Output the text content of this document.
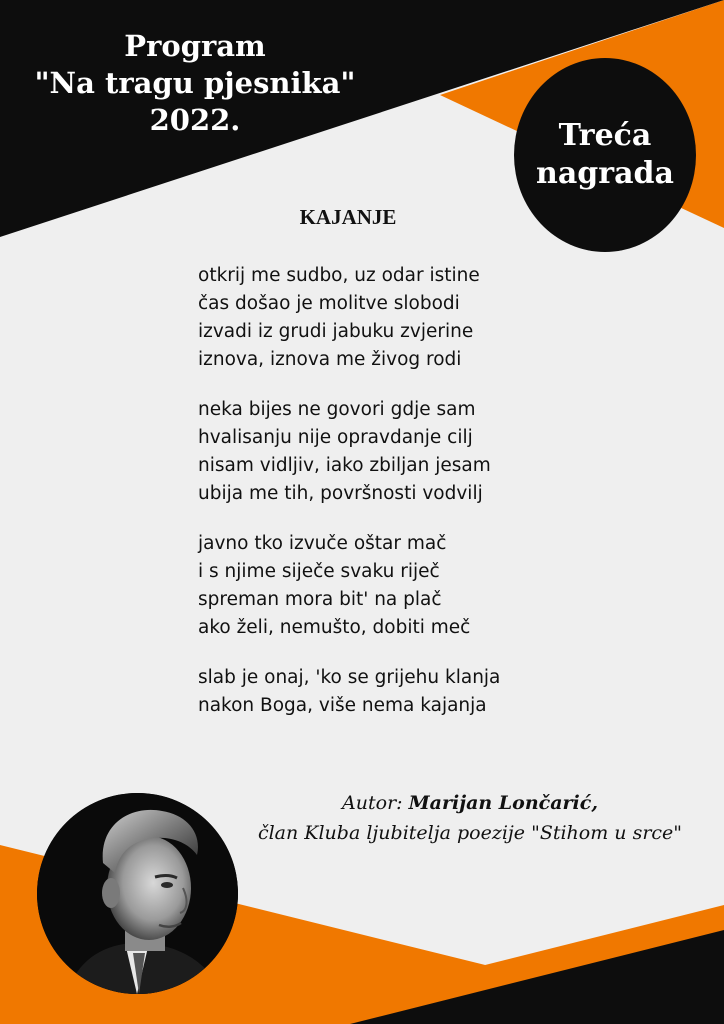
Program
"Na tragu pjesnika"
2022.	Treća
nagrada
KAJANJE
otkrij me sudbo, uz odar istine
čas došao je molitve slobodi
izvadi iz grudi jabuku zvjerine
iznova, iznova me živog rodi
neka bijes ne govori gdje sam
hvalisanju nije opravdanje cilj
nisam vidljiv, iako zbiljan jesam
ubija me tih, površnosti vodvilj
javno tko izvuče oštar mač
i s njime siječe svaku riječ
spreman mora bit' na plač
ako želi, nemušto, dobiti meč
slab je onaj, 'ko se grijehu klanja
nakon Boga, više nema kajanja
Autor: Marijan Lončarić,
član Kluba ljubitelja poezije "Stihom u srce"
